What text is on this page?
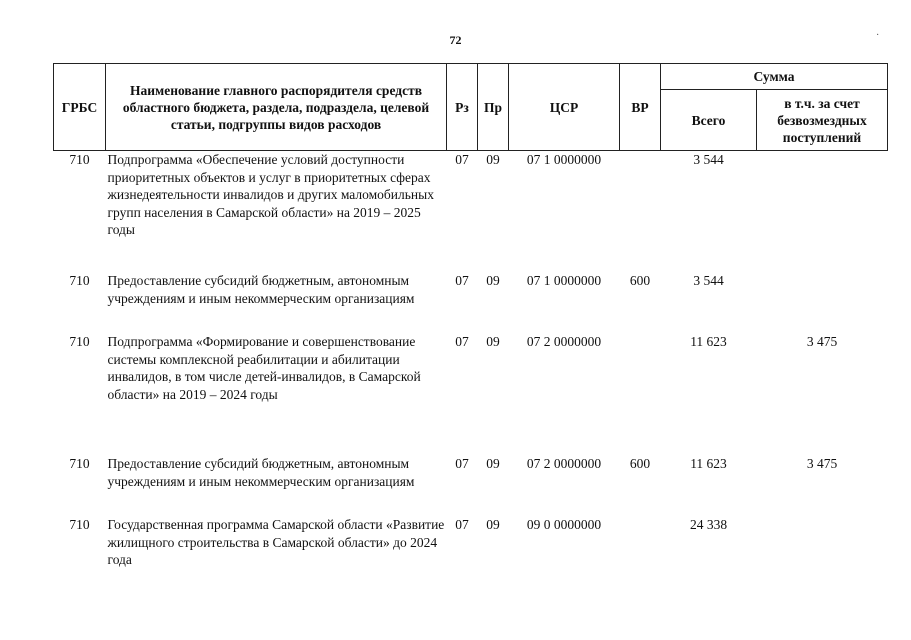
72	·
ГРБС	Наименование главного распорядителя средств областного бюджета, раздела, подраздела, целевой статьи, подгруппы видов расходов	Рз	Пр	ЦСР	ВР	Сумма	
						Всего	в т.ч. за счет безвозмездных поступлений
710	Подпрограмма «Обеспечение условий доступности приоритетных объектов и услуг в приоритетных сферах жизнедеятельности инвалидов и других маломобильных групп населения в Самарской области» на 2019 – 2025 годы	07	09	07 1 0000000		3 544	
710	Предоставление субсидий бюджетным, автономным учреждениям и иным некоммерческим организациям	07	09	07 1 0000000	600	3 544	
710	Подпрограмма «Формирование и совершенствование системы комплексной реабилитации и абилитации инвалидов, в том числе детей-инвалидов, в Самарской области» на 2019 – 2024 годы	07	09	07 2 0000000		11 623	3 475
710	Предоставление субсидий бюджетным, автономным учреждениям и иным некоммерческим организациям	07	09	07 2 0000000	600	11 623	3 475
710	Государственная программа Самарской области «Развитие жилищного строительства в Самарской области» до 2024 года	07	09	09 0 0000000		24 338	
